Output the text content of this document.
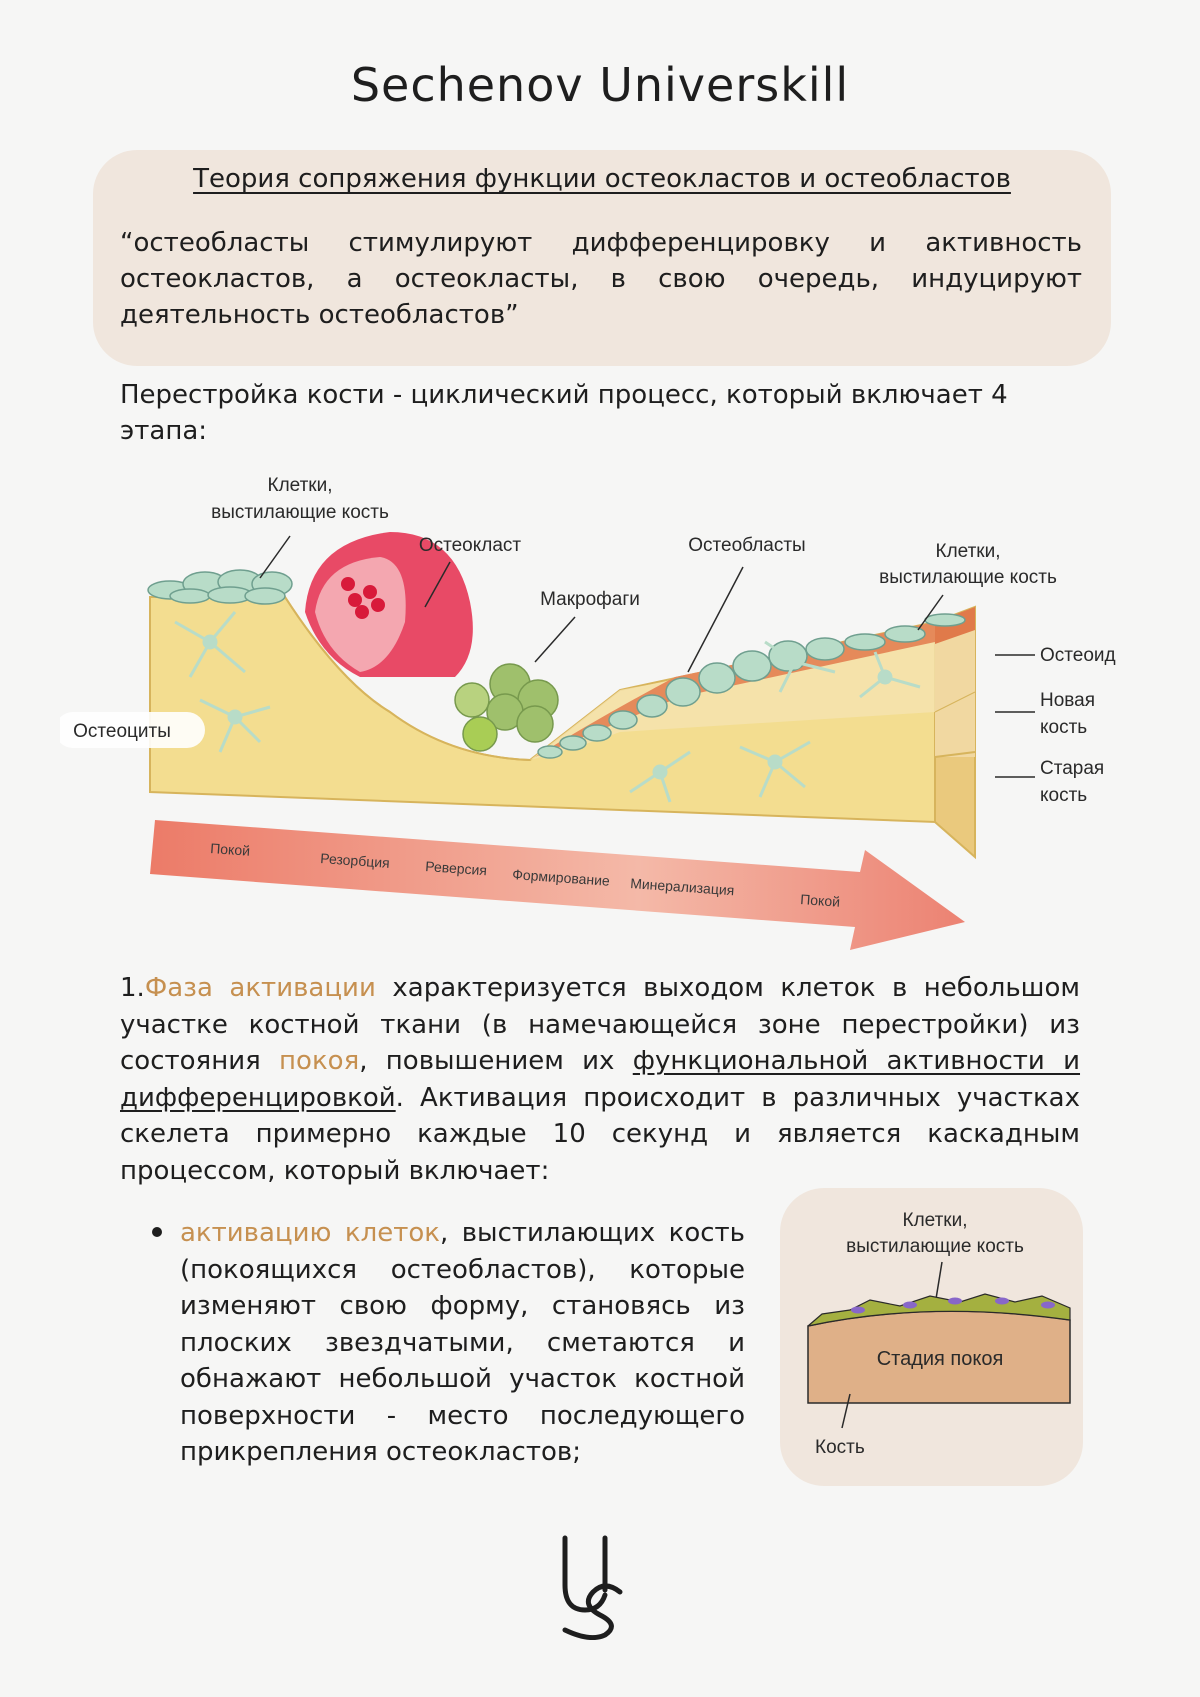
Sechenov Universkill
Теория сопряжения функции остеокластов и остеобластов
“остеобласты стимулируют дифференцировку и активность остеокластов, а остеокласты, в свою очередь, индуцируют деятельность остеобластов”
Перестройка кости - циклический процесс, который включает 4 этапа:
Клетки,
выстилающие кость
Остеокласт
Макрофаги
Остеобласты	Клетки,
выстилающие кость
Остеоид
Новая
кость
Старая
кость
Остеоциты
Покой
Резорбция Реверсия Формирование Минерализация
Покой
1.Фаза активации характеризуется выходом клеток в небольшом участке костной ткани (в намечающейся зоне перестройки) из состояния покоя, повышением их функциональной активности и дифференцировкой. Активация происходит в различных участках скелета примерно каждые 10 секунд и является каскадным процессом, который включает:
активацию клеток, выстилающих кость (покоящихся остеобластов), которые изменяют свою форму, становясь из плоских звездчатыми, сметаются и обнажают небольшой участок костной поверхности - место последующего прикрепления остеокластов;
Клетки,
выстилающие кость
Стадия покоя
Кость
